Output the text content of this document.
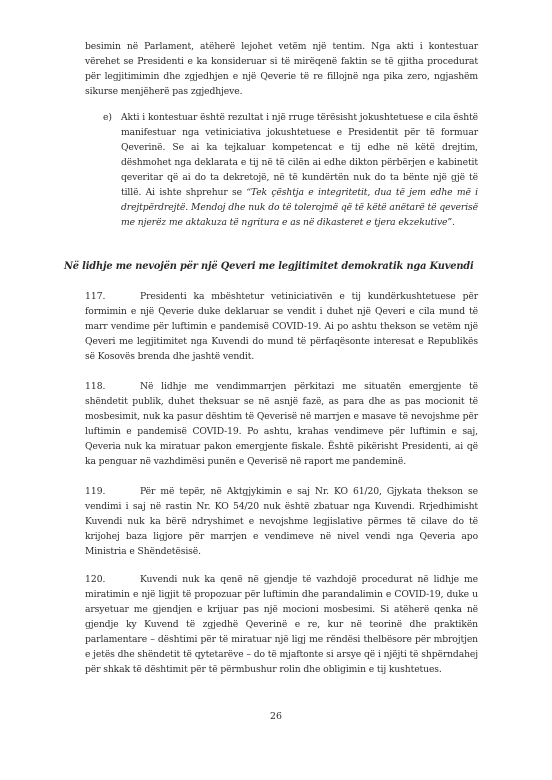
besimin në Parlament, atëherë lejohet vetëm një tentim. Nga akti i kontestuar vërehet se Presidenti e ka konsideruar si të mirëqenë faktin se të gjitha procedurat për legjitimimin dhe zgjedhjen e një Qeverie të re fillojnë nga pika zero, ngjashëm sikurse menjëherë pas zgjedhjeve.
e) Akti i kontestuar është rezultat i një rruge tërësisht jokushtetuese e cila është manifestuar nga vetiniciativa jokushtetuese e Presidentit për të formuar Qeverinë. Se ai ka tejkaluar kompetencat e tij edhe në këtë drejtim, dëshmohet nga deklarata e tij në të cilën ai edhe dikton përbërjen e kabinetit qeveritar që ai do ta dekretojë, në të kundërtën nuk do ta bënte një gjë të tillë. Ai ishte shprehur se “Tek çështja e integritetit, dua të jem edhe më i drejtpërdrejtë. Mendoj dhe nuk do të tolerojmë që të këtë anëtarë të qeverisë me njerëz me aktakuza të ngritura e as në dikasteret e tjera ekzekutive”.
Në lidhje me nevojën për një Qeveri me legjitimitet demokratik nga Kuvendi
117.	Presidenti ka mbështetur vetiniciativën e tij kundërkushtetuese për formimin e një Qeverie duke deklaruar se vendit i duhet një Qeveri e cila mund të marr vendime për luftimin e pandemisë COVID-19. Ai po ashtu thekson se vetëm një Qeveri me legjitimitet nga Kuvendi do mund të përfaqësonte interesat e Republikës së Kosovës brenda dhe jashtë vendit.
118.	Në lidhje me vendimmarrjen përkitazi me situatën emergjente të shëndetit publik, duhet theksuar se në asnjë fazë, as para dhe as pas mocionit të mosbesimit, nuk ka pasur dështim të Qeverisë në marrjen e masave të nevojshme për luftimin e pandemisë COVID-19. Po ashtu, krahas vendimeve për luftimin e saj, Qeveria nuk ka miratuar pakon emergjente fiskale. Është pikërisht Presidenti, ai që ka penguar në vazhdimësi punën e Qeverisë në raport me pandeminë.
119.	Për më tepër, në Aktgjykimin e saj Nr. KO 61/20, Gjykata thekson se vendimi i saj në rastin Nr. KO 54/20 nuk është zbatuar nga Kuvendi. Rrjedhimisht Kuvendi nuk ka bërë ndryshimet e nevojshme legjislative përmes të cilave do të krijohej baza ligjore për marrjen e vendimeve në nivel vendi nga Qeveria apo Ministria e Shëndetësisë.
120.	Kuvendi nuk ka qenë në gjendje të vazhdojë procedurat në lidhje me miratimin e një ligjit të propozuar për luftimin dhe parandalimin e COVID-19, duke u arsyetuar me gjendjen e krijuar pas një mocioni mosbesimi. Si atëherë qenka në gjendje ky Kuvend të zgjedhë Qeverinë e re, kur në teorinë dhe praktikën parlamentare – dështimi për të miratuar një ligj me rëndësi thelbësore për mbrojtjen e jetës dhe shëndetit të qytetarëve – do të mjaftonte si arsye që i njëjti të shpërndahej për shkak të dështimit për të përmbushur rolin dhe obligimin e tij kushtetues.
26
